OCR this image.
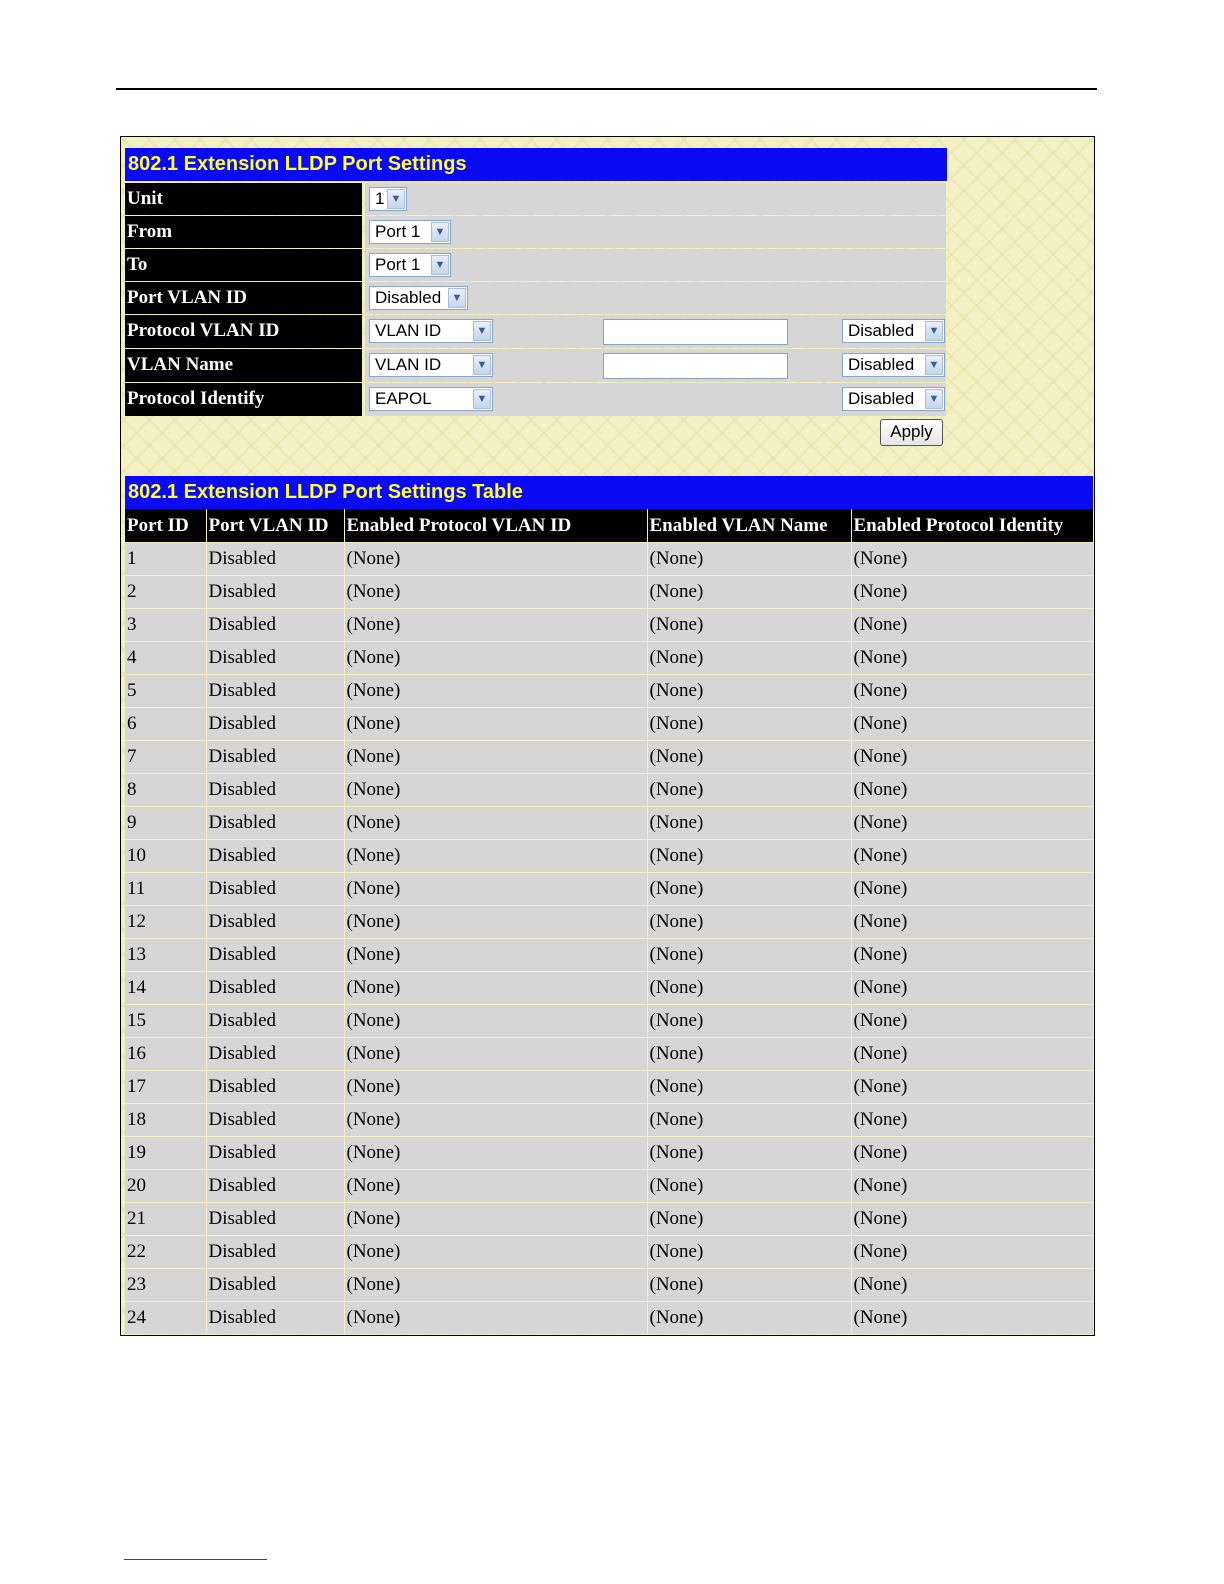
802.1 Extension LLDP Port Settings
Unit	1 ▼
From	Port 1	▼
To	Port 1	▼
Port VLAN ID	Disabled ▼
Protocol VLAN ID	VLAN ID	▼	Disabled	▼
VLAN Name	VLAN ID	▼	Disabled	▼
Protocol Identify	EAPOL	▼	Disabled	▼
Apply
802.1 Extension LLDP Port Settings Table
Port ID	Port VLAN ID	Enabled Protocol VLAN ID	Enabled VLAN Name	Enabled Protocol Identity
1	Disabled	(None)	(None)	(None)
2	Disabled	(None)	(None)	(None)
3	Disabled	(None)	(None)	(None)
4	Disabled	(None)	(None)	(None)
5	Disabled	(None)	(None)	(None)
6	Disabled	(None)	(None)	(None)
7	Disabled	(None)	(None)	(None)
8	Disabled	(None)	(None)	(None)
9	Disabled	(None)	(None)	(None)
10	Disabled	(None)	(None)	(None)
11	Disabled	(None)	(None)	(None)
12	Disabled	(None)	(None)	(None)
13	Disabled	(None)	(None)	(None)
14	Disabled	(None)	(None)	(None)
15	Disabled	(None)	(None)	(None)
16	Disabled	(None)	(None)	(None)
17	Disabled	(None)	(None)	(None)
18	Disabled	(None)	(None)	(None)
19	Disabled	(None)	(None)	(None)
20	Disabled	(None)	(None)	(None)
21	Disabled	(None)	(None)	(None)
22	Disabled	(None)	(None)	(None)
23	Disabled	(None)	(None)	(None)
24	Disabled	(None)	(None)	(None)
